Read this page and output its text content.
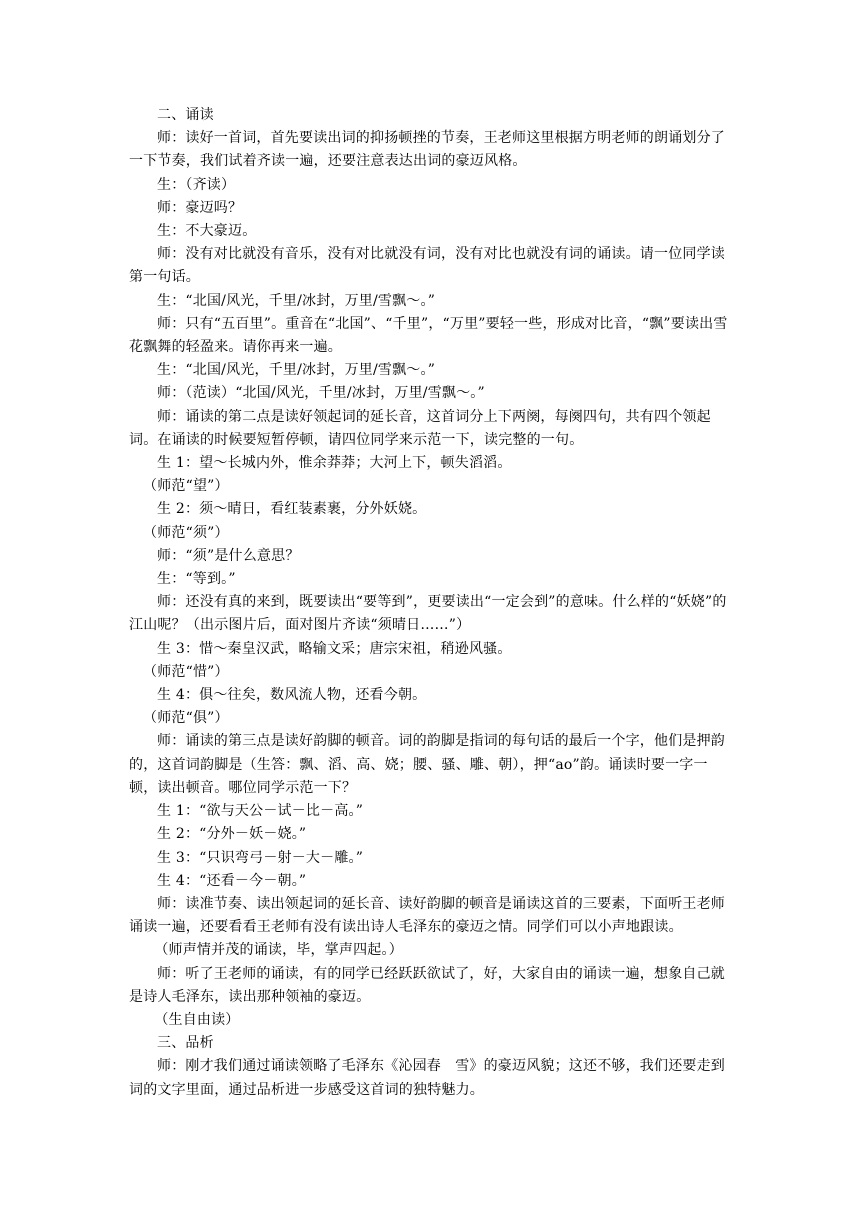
二、诵读

师：读好一首词，首先要读出词的抑扬顿挫的节奏，王老师这里根据方明老师的朗诵划分了一下节奏，我们试着齐读一遍，还要注意表达出词的豪迈风格。

生：（齐读）

师：豪迈吗？

生：不大豪迈。

师：没有对比就没有音乐，没有对比就没有词，没有对比也就没有词的诵读。请一位同学读第一句话。

生：“北国/风光，千里/冰封，万里/雪飘～。”

师：只有“五百里”。重音在“北国”、“千里”，“万里”要轻一些，形成对比音，“飘”要读出雪花飘舞的轻盈来。请你再来一遍。

生：“北国/风光，千里/冰封，万里/雪飘～。”

师：（范读）“北国/风光，千里/冰封，万里/雪飘～。”

师：诵读的第二点是读好领起词的延长音，这首词分上下两阕，每阕四句，共有四个领起词。在诵读的时候要短暂停顿，请四位同学来示范一下，读完整的一句。

生 1：望～长城内外，惟余莽莽；大河上下，顿失滔滔。

（师范“望”）

生 2：须～晴日，看红装素裹，分外妖娆。

（师范“须”）

师：“须”是什么意思？

生：“等到。”

师：还没有真的来到，既要读出“要等到”，更要读出“一定会到”的意味。什么样的“妖娆”的江山呢？（出示图片后，面对图片齐读“须晴日……”）

生 3：惜～秦皇汉武，略输文采；唐宗宋祖，稍逊风骚。

（师范“惜”）

生 4：俱～往矣，数风流人物，还看今朝。

（师范“俱”）

师：诵读的第三点是读好韵脚的顿音。词的韵脚是指词的每句话的最后一个字，他们是押韵的，这首词韵脚是（生答：飘、滔、高、娆；腰、骚、雕、朝），押“ao”韵。诵读时要一字一顿，读出顿音。哪位同学示范一下？

生 1：“欲与天公－试－比－高。”

生 2：“分外－妖－娆。”

生 3：“只识弯弓－射－大－雕。”

生 4：“还看－今－朝。”

师：读准节奏、读出领起词的延长音、读好韵脚的顿音是诵读这首的三要素，下面听王老师诵读一遍，还要看看王老师有没有读出诗人毛泽东的豪迈之情。同学们可以小声地跟读。

（师声情并茂的诵读，毕，掌声四起。）

师：听了王老师的诵读，有的同学已经跃跃欲试了，好，大家自由的诵读一遍，想象自己就是诗人毛泽东，读出那种领袖的豪迈。

（生自由读）

三、品析

师：刚才我们通过诵读领略了毛泽东《沁园春　雪》的豪迈风貌；这还不够，我们还要走到词的文字里面，通过品析进一步感受这首词的独特魅力。
